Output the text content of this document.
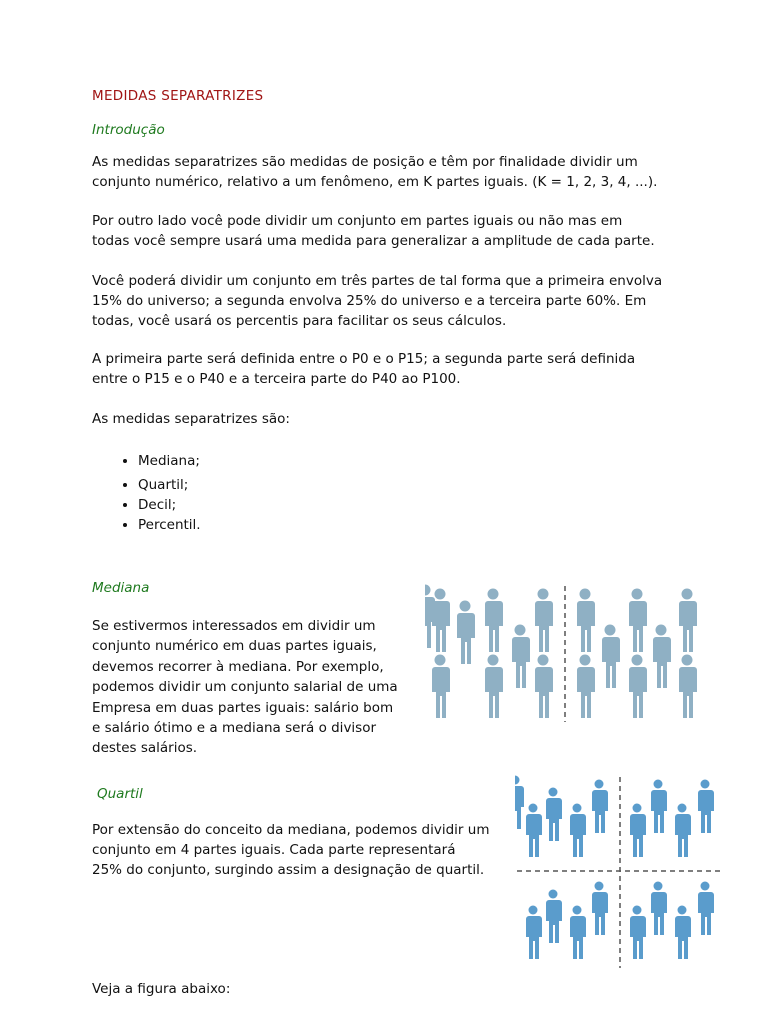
MEDIDAS SEPARATRIZES
Introdução

As medidas separatrizes são medidas de posição e têm por finalidade dividir um
conjunto numérico, relativo a um fenômeno, em K partes iguais. (K = 1, 2, 3, 4, ...).

Por outro lado você pode dividir um conjunto em partes iguais ou não mas em
todas você sempre usará uma medida para generalizar a amplitude de cada parte.

Você poderá dividir um conjunto em três partes de tal forma que a primeira envolva
15% do universo; a segunda envolva 25% do universo e a terceira parte 60%. Em
todas, você usará os percentis para facilitar os seus cálculos.

A primeira parte será definida entre o P0 e o P15; a segunda parte será definida
entre o P15 e o P40 e a terceira parte do P40 ao P100.

As medidas separatrizes são:

• Mediana;
• Quartil;
• Decil;
• Percentil.
Mediana

Se estivermos interessados em dividir um
conjunto numérico em duas partes iguais,
devemos recorrer à mediana. Por exemplo,
podemos dividir um conjunto salarial de uma
Empresa em duas partes iguais: salário bom
e salário ótimo e a mediana será o divisor
destes salários.

Quartil

Por extensão do conceito da mediana, podemos dividir um
conjunto em 4 partes iguais. Cada parte representará
25% do conjunto, surgindo assim a designação de quartil.

Veja a figura abaixo:
